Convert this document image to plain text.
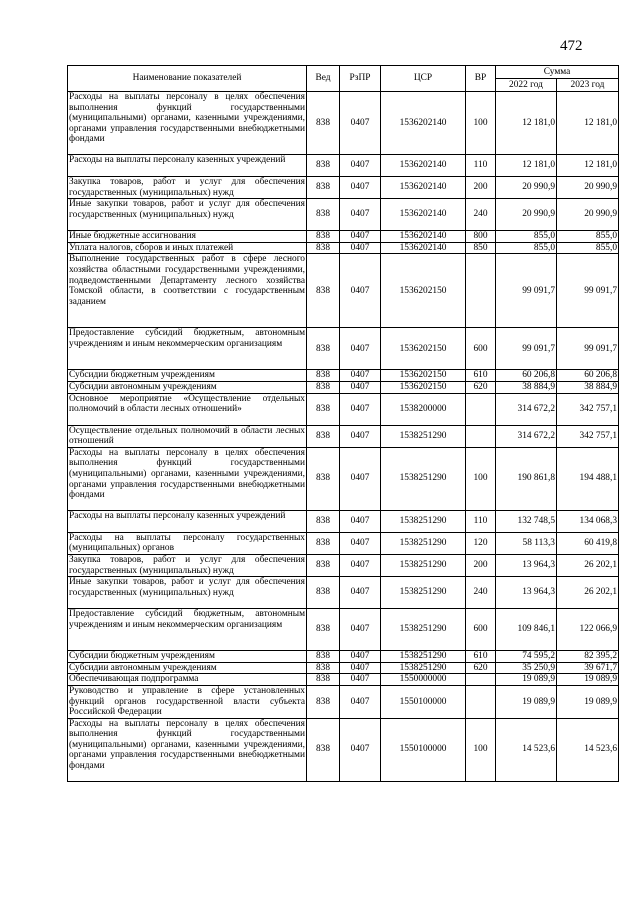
472
Наименование показателей	Вед	РзПР	ЦСР	ВР	Сумма	
					2022 год	2023 год
Расходы на выплаты персоналу в целях обеспечения выполнения функций государственными (муниципальными) органами, казенными учреждениями, органами управления государственными внебюджетными фондами	838	0407	1536202140	100	12 181,0	12 181,0
Расходы на выплаты персоналу казенных учреждений	838	0407	1536202140	110	12 181,0	12 181,0
Закупка товаров, работ и услуг для обеспечения государственных (муниципальных) нужд	838	0407	1536202140	200	20 990,9	20 990,9
Иные закупки товаров, работ и услуг для обеспечения государственных (муниципальных) нужд	838	0407	1536202140	240	20 990,9	20 990,9
Иные бюджетные ассигнования	838	0407	1536202140	800	855,0	855,0
Уплата налогов, сборов и иных платежей	838	0407	1536202140	850	855,0	855,0
Выполнение государственных работ в сфере лесного хозяйства областными государственными учреждениями, подведомственными Департаменту лесного хозяйства Томской области, в соответствии с государственным заданием	838	0407	1536202150		99 091,7	99 091,7
Предоставление субсидий бюджетным, автономным учреждениям и иным некоммерческим организациям	838	0407	1536202150	600	99 091,7	99 091,7
Субсидии бюджетным учреждениям	838	0407	1536202150	610	60 206,8	60 206,8
Субсидии автономным учреждениям	838	0407	1536202150	620	38 884,9	38 884,9
Основное мероприятие «Осуществление отдельных полномочий в области лесных отношений»	838	0407	1538200000		314 672,2	342 757,1
Осуществление отдельных полномочий в области лесных отношений	838	0407	1538251290		314 672,2	342 757,1
Расходы на выплаты персоналу в целях обеспечения выполнения функций государственными (муниципальными) органами, казенными учреждениями, органами управления государственными внебюджетными фондами	838	0407	1538251290	100	190 861,8	194 488,1
Расходы на выплаты персоналу казенных учреждений	838	0407	1538251290	110	132 748,5	134 068,3
Расходы на выплаты персоналу государственных (муниципальных) органов	838	0407	1538251290	120	58 113,3	60 419,8
Закупка товаров, работ и услуг для обеспечения государственных (муниципальных) нужд	838	0407	1538251290	200	13 964,3	26 202,1
Иные закупки товаров, работ и услуг для обеспечения государственных (муниципальных) нужд	838	0407	1538251290	240	13 964,3	26 202,1
Предоставление субсидий бюджетным, автономным учреждениям и иным некоммерческим организациям	838	0407	1538251290	600	109 846,1	122 066,9
Субсидии бюджетным учреждениям	838	0407	1538251290	610	74 595,2	82 395,2
Субсидии автономным учреждениям	838	0407	1538251290	620	35 250,9	39 671,7
Обеспечивающая подпрограмма	838	0407	1550000000		19 089,9	19 089,9
Руководство и управление в сфере установленных функций органов государственной власти субъекта Российской Федерации	838	0407	1550100000		19 089,9	19 089,9
Расходы на выплаты персоналу в целях обеспечения выполнения функций государственными (муниципальными) органами, казенными учреждениями, органами управления государственными внебюджетными фондами	838	0407	1550100000	100	14 523,6	14 523,6
